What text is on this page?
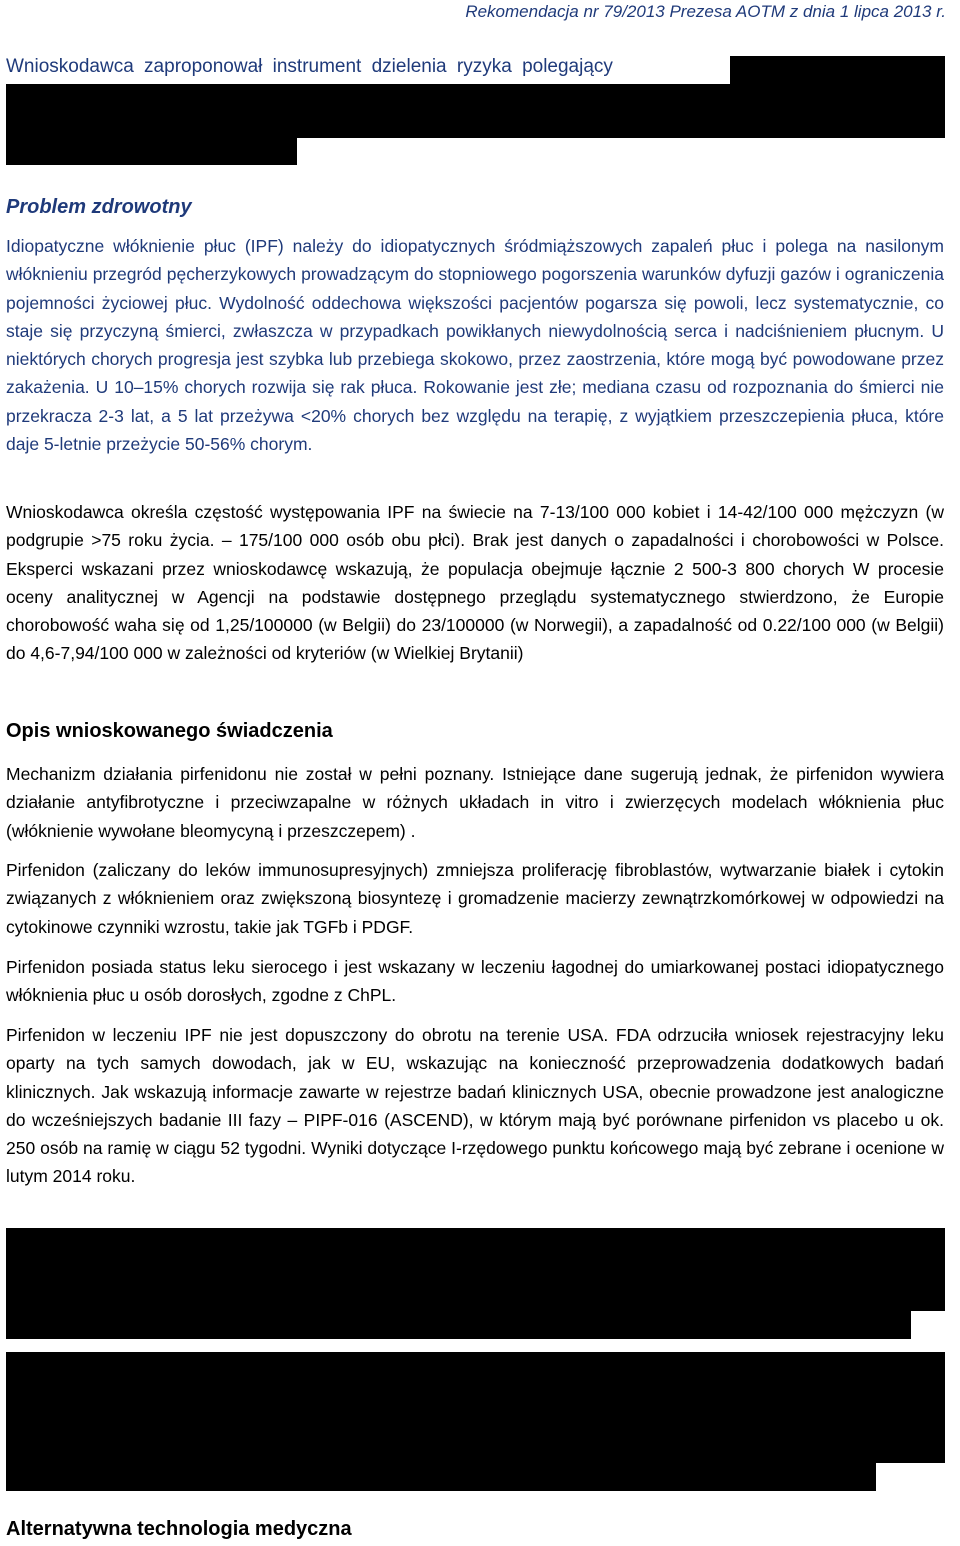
Rekomendacja nr 79/2013 Prezesa AOTM z dnia 1 lipca 2013 r.
Wnioskodawca zaproponował instrument dzielenia ryzyka polegający
Problem zdrowotny

Idiopatyczne włóknienie płuc (IPF) należy do idiopatycznych śródmiąższowych zapaleń płuc i polega na nasilonym włóknieniu przegród pęcherzykowych prowadzącym do stopniowego pogorszenia warunków dyfuzji gazów i ograniczenia pojemności życiowej płuc. Wydolność oddechowa większości pacjentów pogarsza się powoli, lecz systematycznie, co staje się przyczyną śmierci, zwłaszcza w przypadkach powikłanych niewydolnością serca i nadciśnieniem płucnym. U niektórych chorych progresja jest szybka lub przebiega skokowo, przez zaostrzenia, które mogą być powodowane przez zakażenia. U 10–15% chorych rozwija się rak płuca. Rokowanie jest złe; mediana czasu od rozpoznania do śmierci nie przekracza 2-3 lat, a 5 lat przeżywa <20% chorych bez względu na terapię, z wyjątkiem przeszczepienia płuca, które daje 5-letnie przeżycie 50-56% chorym.

Wnioskodawca określa częstość występowania IPF na świecie na 7-13/100 000 kobiet i 14-42/100 000 mężczyzn (w podgrupie >75 roku życia. – 175/100 000 osób obu płci). Brak jest danych o zapadalności i chorobowości w Polsce. Eksperci wskazani przez wnioskodawcę wskazują, że populacja obejmuje łącznie 2 500-3 800 chorych W procesie oceny analitycznej w Agencji na podstawie dostępnego przeglądu systematycznego stwierdzono, że Europie chorobowość waha się od 1,25/100000 (w Belgii) do 23/100000 (w Norwegii), a zapadalność od 0.22/100 000 (w Belgii) do 4,6-7,94/100 000 w zależności od kryteriów (w Wielkiej Brytanii)

Opis wnioskowanego świadczenia

Mechanizm działania pirfenidonu nie został w pełni poznany. Istniejące dane sugerują jednak, że pirfenidon wywiera działanie antyfibrotyczne i przeciwzapalne w różnych układach in vitro i zwierzęcych modelach włóknienia płuc (włóknienie wywołane bleomycyną i przeszczepem) .

Pirfenidon (zaliczany do leków immunosupresyjnych) zmniejsza proliferację fibroblastów, wytwarzanie białek i cytokin związanych z włóknieniem oraz zwiększoną biosyntezę i gromadzenie macierzy zewnątrzkomórkowej w odpowiedzi na cytokinowe czynniki wzrostu, takie jak TGFb i PDGF.

Pirfenidon posiada status leku sierocego i jest wskazany w leczeniu łagodnej do umiarkowanej postaci idiopatycznego włóknienia płuc u osób dorosłych, zgodne z ChPL.

Pirfenidon w leczeniu IPF nie jest dopuszczony do obrotu na terenie USA. FDA odrzuciła wniosek rejestracyjny leku oparty na tych samych dowodach, jak w EU, wskazując na konieczność przeprowadzenia dodatkowych badań klinicznych. Jak wskazują informacje zawarte w rejestrze badań klinicznych USA, obecnie prowadzone jest analogiczne do wcześniejszych badanie III fazy – PIPF-016 (ASCEND), w którym mają być porównane pirfenidon vs placebo u ok. 250 osób na ramię w ciągu 52 tygodni. Wyniki dotyczące I-rzędowego punktu końcowego mają być zebrane i ocenione w lutym 2014 roku.

Alternatywna technologia medyczna
